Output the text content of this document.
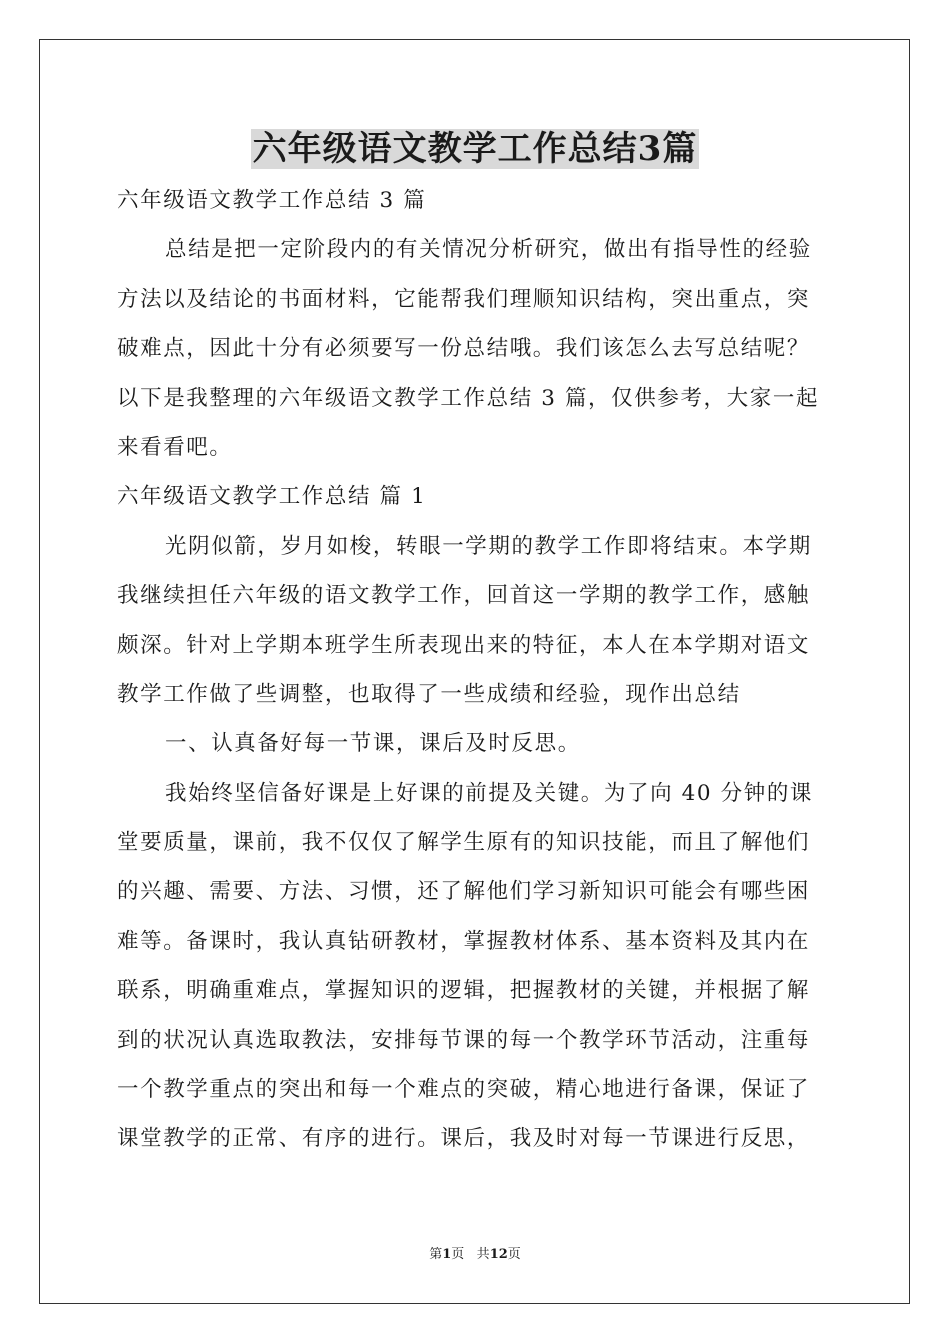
六年级语文教学工作总结3篇

六年级语文教学工作总结 3 篇

总结是把一定阶段内的有关情况分析研究，做出有指导性的经验

方法以及结论的书面材料，它能帮我们理顺知识结构，突出重点，突

破难点，因此十分有必须要写一份总结哦。我们该怎么去写总结呢？

以下是我整理的六年级语文教学工作总结 3 篇，仅供参考，大家一起

来看看吧。

六年级语文教学工作总结 篇 1

光阴似箭，岁月如梭，转眼一学期的教学工作即将结束。本学期

我继续担任六年级的语文教学工作，回首这一学期的教学工作，感触

颇深。针对上学期本班学生所表现出来的特征，本人在本学期对语文

教学工作做了些调整，也取得了一些成绩和经验，现作出总结

一、认真备好每一节课，课后及时反思。

我始终坚信备好课是上好课的前提及关键。为了向 40 分钟的课

堂要质量，课前，我不仅仅了解学生原有的知识技能，而且了解他们

的兴趣、需要、方法、习惯，还了解他们学习新知识可能会有哪些困

难等。备课时，我认真钻研教材，掌握教材体系、基本资料及其内在

联系，明确重难点，掌握知识的逻辑，把握教材的关键，并根据了解

到的状况认真选取教法，安排每节课的每一个教学环节活动，注重每

一个教学重点的突出和每一个难点的突破，精心地进行备课，保证了

课堂教学的正常、有序的进行。课后，我及时对每一节课进行反思，

第1页 共12页
